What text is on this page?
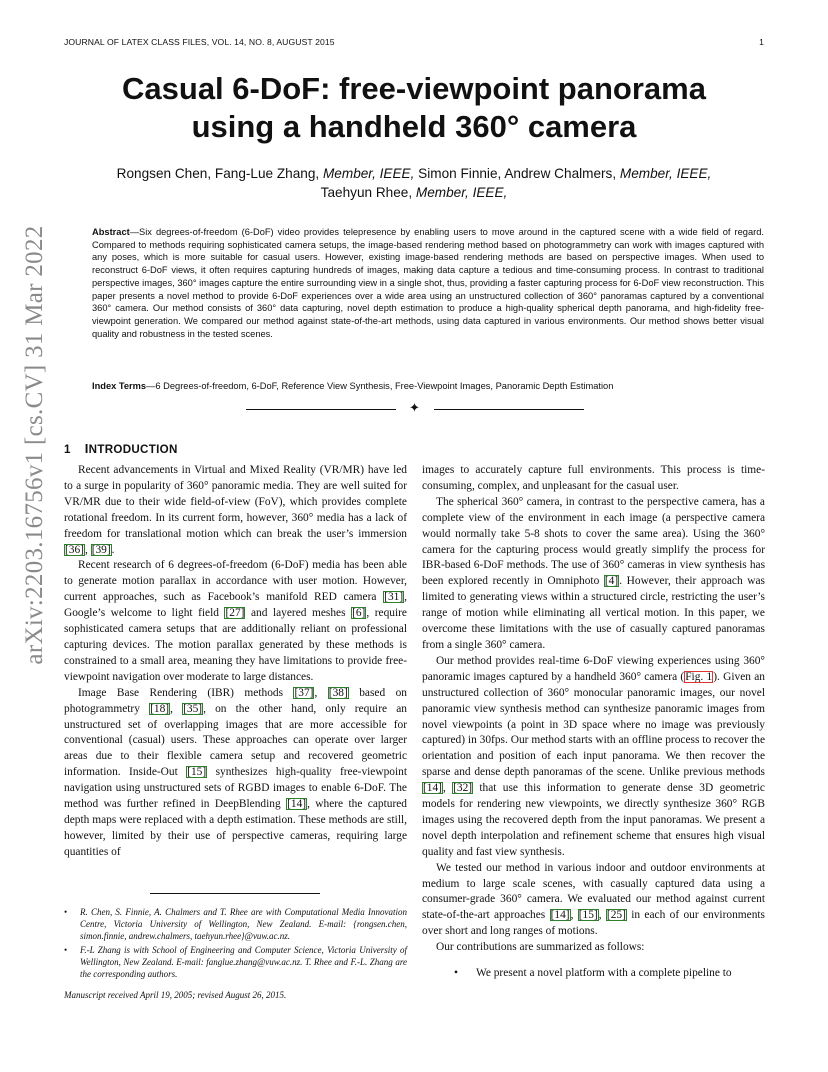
JOURNAL OF LATEX CLASS FILES, VOL. 14, NO. 8, AUGUST 2015	1
arXiv:2203.16756v1 [cs.CV] 31 Mar 2022
Casual 6-DoF: free-viewpoint panorama
using a handheld 360° camera
Rongsen Chen, Fang-Lue Zhang, Member, IEEE, Simon Finnie, Andrew Chalmers, Member, IEEE,
Taehyun Rhee, Member, IEEE,
Abstract—Six degrees-of-freedom (6-DoF) video provides telepresence by enabling users to move around in the captured scene with a wide field of regard. Compared to methods requiring sophisticated camera setups, the image-based rendering method based on photogrammetry can work with images captured with any poses, which is more suitable for casual users. However, existing image-based rendering methods are based on perspective images. When used to reconstruct 6-DoF views, it often requires capturing hundreds of images, making data capture a tedious and time-consuming process. In contrast to traditional perspective images, 360° images capture the entire surrounding view in a single shot, thus, providing a faster capturing process for 6-DoF view reconstruction. This paper presents a novel method to provide 6-DoF experiences over a wide area using an unstructured collection of 360° panoramas captured by a conventional 360° camera. Our method consists of 360° data capturing, novel depth estimation to produce a high-quality spherical depth panorama, and high-fidelity free-viewpoint generation. We compared our method against state-of-the-art methods, using data captured in various environments. Our method shows better visual quality and robustness in the tested scenes.
Index Terms—6 Degrees-of-freedom, 6-DoF, Reference View Synthesis, Free-Viewpoint Images, Panoramic Depth Estimation
✦
1 INTRODUCTION

Recent advancements in Virtual and Mixed Reality (VR/MR) have led to a surge in popularity of 360° panoramic media. They are well suited for VR/MR due to their wide field-of-view (FoV), which provides complete rotational freedom. In its current form, however, 360° media has a lack of freedom for translational motion which can break the user’s immersion [36], [39].

Recent research of 6 degrees-of-freedom (6-DoF) media has been able to generate motion parallax in accordance with user motion. However, current approaches, such as Facebook’s manifold RED camera [31], Google’s welcome to light field [27] and layered meshes [6], require sophisticated camera setups that are additionally reliant on professional capturing devices. The motion parallax generated by these methods is constrained to a small area, meaning they have limitations to provide free-viewpoint navigation over moderate to large distances.

Image Base Rendering (IBR) methods [37], [38] based on photogrammetry [18], [35], on the other hand, only require an unstructured set of overlapping images that are more accessible for conventional (casual) users. These approaches can operate over larger areas due to their flexible camera setup and recovered geometric information. Inside-Out [15] synthesizes high-quality free-viewpoint navigation using unstructured sets of RGBD images to enable 6-DoF. The method was further refined in DeepBlending [14], where the captured depth maps were replaced with a depth estimation. These methods are still, however, limited by their use of perspective cameras, requiring large quantities of

images to accurately capture full environments. This process is time-consuming, complex, and unpleasant for the casual user.

The spherical 360° camera, in contrast to the perspective camera, has a complete view of the environment in each image (a perspective camera would normally take 5-8 shots to cover the same area). Using the 360° camera for the capturing process would greatly simplify the process for IBR-based 6-DoF methods. The use of 360° cameras in view synthesis has been explored recently in Omniphoto [4]. However, their approach was limited to generating views within a structured circle, restricting the user’s range of motion while eliminating all vertical motion. In this paper, we overcome these limitations with the use of casually captured panoramas from a single 360° camera.

Our method provides real-time 6-DoF viewing experiences using 360° panoramic images captured by a handheld 360° camera (Fig. 1). Given an unstructured collection of 360° monocular panoramic images, our novel panoramic view synthesis method can synthesize panoramic images from novel viewpoints (a point in 3D space where no image was previously captured) in 30fps. Our method starts with an offline process to recover the orientation and position of each input panorama. We then recover the sparse and dense depth panoramas of the scene. Unlike previous methods [14], [32] that use this information to generate dense 3D geometric models for rendering new viewpoints, we directly synthesize 360° RGB images using the recovered depth from the input panoramas. We present a novel depth interpolation and refinement scheme that ensures high visual quality and fast view synthesis.

We tested our method in various indoor and outdoor environments at medium to large scale scenes, with casually captured data using a consumer-grade 360° camera. We evaluated our method against current state-of-the-art approaches [14], [15], [25] in each of our environments over short and long ranges of motions.

Our contributions are summarized as follows:

• We present a novel platform with a complete pipeline to

• R. Chen, S. Finnie, A. Chalmers and T. Rhee are with Computational Media Innovation Centre, Victoria University of Wellington, New Zealand. E-mail: {rongsen.chen, simon.finnie, andrew.chalmers, taehyun.rhee}@vuw.ac.nz.
• F.-L Zhang is with School of Engineering and Computer Science, Victoria University of Wellington, New Zealand. E-mail: fanglue.zhang@vuw.ac.nz. T. Rhee and F.-L. Zhang are the corresponding authors.
Manuscript received April 19, 2005; revised August 26, 2015.
